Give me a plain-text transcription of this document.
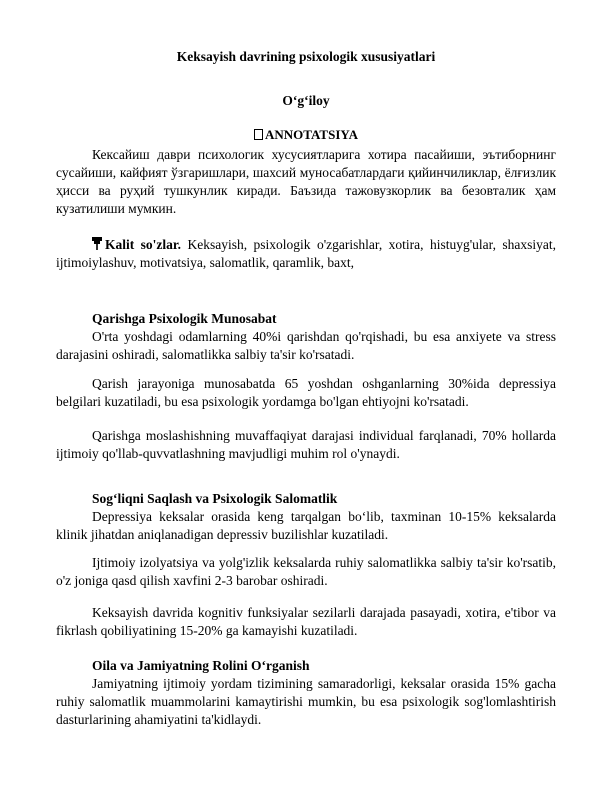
Keksayish davrining psixologik xususiyatlari
O‘g‘iloy
ANNOTATSIYA

Кексайиш даври психологик хусусиятларига хотира пасайиши, эътиборнинг сусайиши, кайфият ўзгаришлари, шахсий муносабатлардаги қийинчиликлар, ёлғизлик ҳисси ва руҳий тушкунлик киради. Баъзида тажовузкорлик ва безовталик ҳам кузатилиши мумкин.

Kalit so'zlar. Keksayish, psixologik o'zgarishlar, xotira, histuyg'ular, shaxsiyat, ijtimoiylashuv, motivatsiya, salomatlik, qaramlik, baxt,

Qarishga Psixologik Munosabat

O'rta yoshdagi odamlarning 40%i qarishdan qo'rqishadi, bu esa anxiyete va stress darajasini oshiradi, salomatlikka salbiy ta'sir ko'rsatadi.

Qarish jarayoniga munosabatda 65 yoshdan oshganlarning 30%ida depressiya belgilari kuzatiladi, bu esa psixologik yordamga bo'lgan ehtiyojni ko'rsatadi.

Qarishga moslashishning muvaffaqiyat darajasi individual farqlanadi, 70% hollarda ijtimoiy qo'llab-quvvatlashning mavjudligi muhim rol o'ynaydi.

Sog‘liqni Saqlash va Psixologik Salomatlik

Depressiya keksalar orasida keng tarqalgan bo‘lib, taxminan 10-15% keksalarda klinik jihatdan aniqlanadigan depressiv buzilishlar kuzatiladi.

Ijtimoiy izolyatsiya va yolg'izlik keksalarda ruhiy salomatlikka salbiy ta'sir ko'rsatib, o'z joniga qasd qilish xavfini 2-3 barobar oshiradi.

Keksayish davrida kognitiv funksiyalar sezilarli darajada pasayadi, xotira, e'tibor va fikrlash qobiliyatining 15-20% ga kamayishi kuzatiladi.

Oila va Jamiyatning Rolini O‘rganish

Jamiyatning ijtimoiy yordam tizimining samaradorligi, keksalar orasida 15% gacha ruhiy salomatlik muammolarini kamaytirishi mumkin, bu esa psixologik sog'lomlashtirish dasturlarining ahamiyatini ta'kidlaydi.
